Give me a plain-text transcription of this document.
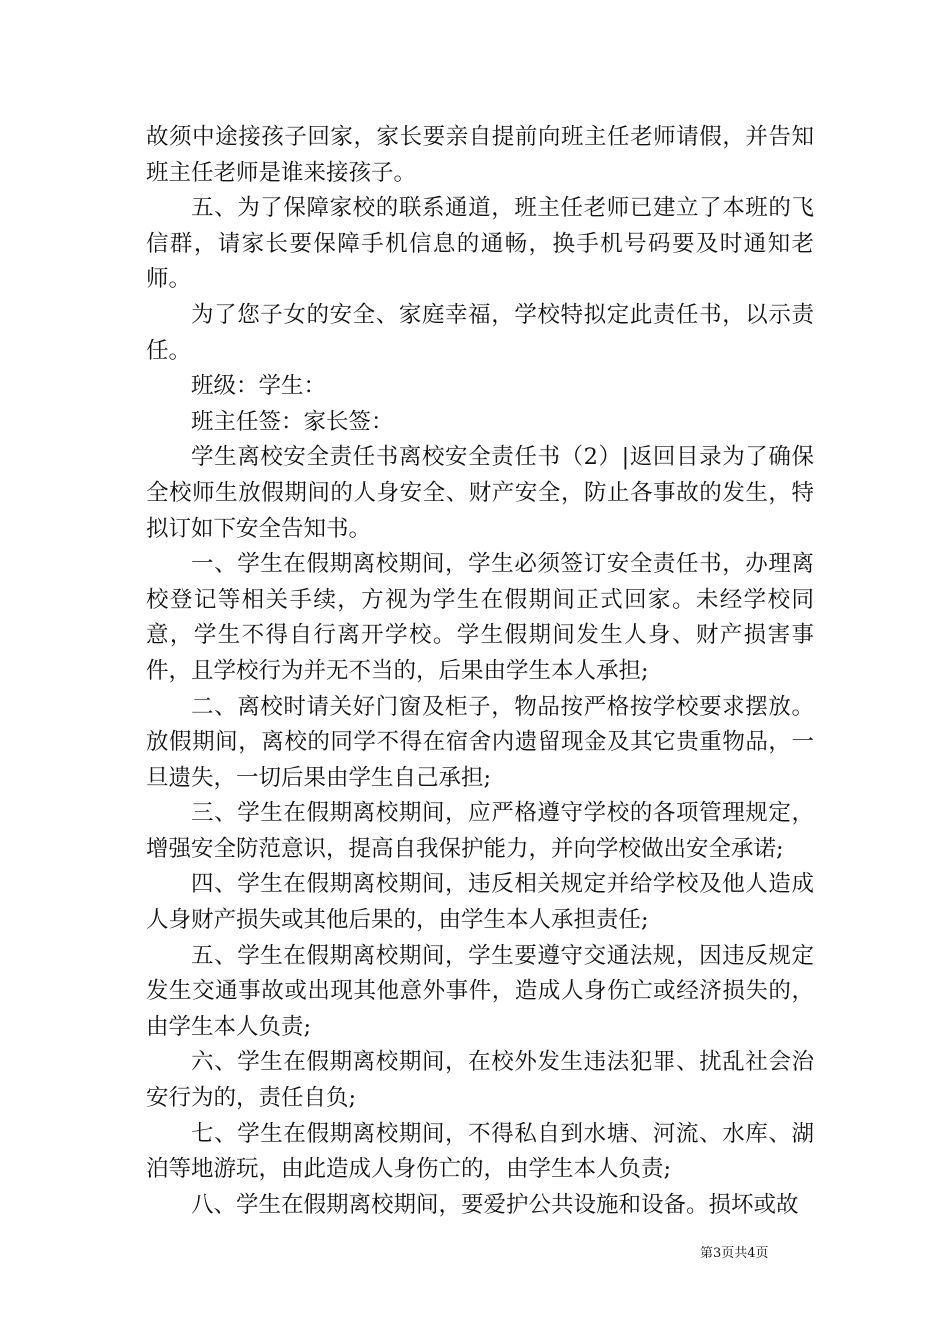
故须中途接孩子回家，家长要亲自提前向班主任老师请假，并告知班主任老师是谁来接孩子。

五、为了保障家校的联系通道，班主任老师已建立了本班的飞信群，请家长要保障手机信息的通畅，换手机号码要及时通知老师。

为了您子女的安全、家庭幸福，学校特拟定此责任书，以示责任。

班级：学生：

班主任签：家长签：

学生离校安全责任书离校安全责任书（2）|返回目录为了确保全校师生放假期间的人身安全、财产安全，防止各事故的发生，特拟订如下安全告知书。

一、学生在假期离校期间，学生必须签订安全责任书，办理离校登记等相关手续，方视为学生在假期间正式回家。未经学校同意，学生不得自行离开学校。学生假期间发生人身、财产损害事件，且学校行为并无不当的，后果由学生本人承担;

二、离校时请关好门窗及柜子，物品按严格按学校要求摆放。放假期间，离校的同学不得在宿舍内遗留现金及其它贵重物品，一旦遗失，一切后果由学生自己承担;

三、学生在假期离校期间，应严格遵守学校的各项管理规定，增强安全防范意识，提高自我保护能力，并向学校做出安全承诺;

四、学生在假期离校期间，违反相关规定并给学校及他人造成人身财产损失或其他后果的，由学生本人承担责任;

五、学生在假期离校期间，学生要遵守交通法规，因违反规定发生交通事故或出现其他意外事件，造成人身伤亡或经济损失的，由学生本人负责;

六、学生在假期离校期间，在校外发生违法犯罪、扰乱社会治安行为的，责任自负;

七、学生在假期离校期间，不得私自到水塘、河流、水库、湖泊等地游玩，由此造成人身伤亡的，由学生本人负责;

八、学生在假期离校期间，要爱护公共设施和设备。损坏或故

第3页共4页
